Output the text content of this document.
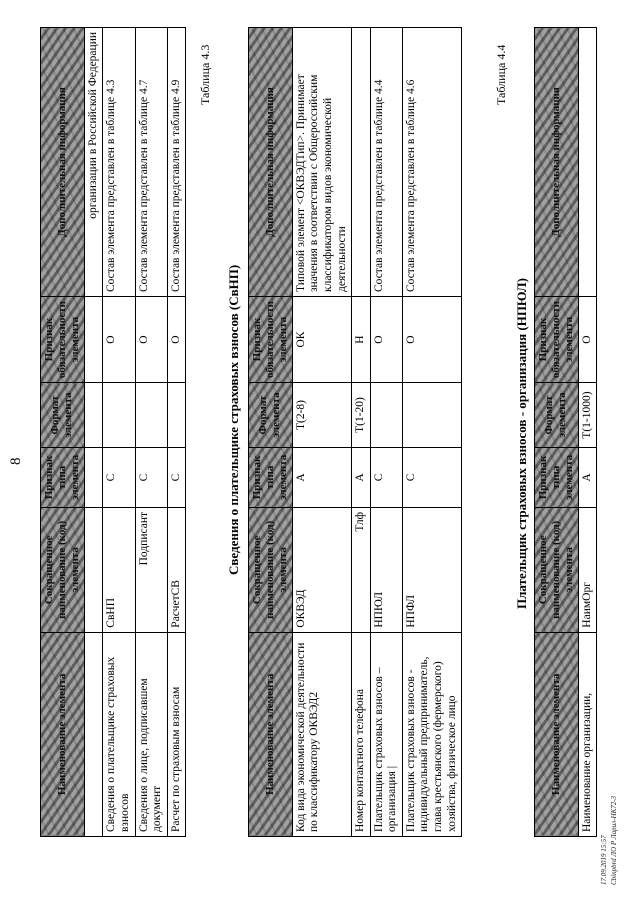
8
Наименование элемента	Сокращенное наименование (код) элемента	Признак типа элемента	Формат элемента	Признак обязательности элемента	Дополнительная информация
					организации в Российской Федерации
Сведения о плательщике страховых взносов	СвНП	С		О	Состав элемента представлен в таблице 4.3
Сведения о лице, подписавшем документ	Подписант	С		О	Состав элемента представлен в таблице 4.7
Расчет по страховым взносам	РасчетСВ	С		О	Состав элемента представлен в таблице 4.9
Таблица 4.3
Сведения о плательщике страховых взносов (СвНП)
Наименование элемента	Сокращенное наименование (код) элемента	Признак типа элемента	Формат элемента	Признак обязательности элемента	Дополнительная информация
Код вида экономической деятельности по классификатору ОКВЭД2	ОКВЭД	А	T(2-8)	ОК	Типовой элемент <ОКВЭДТип>. Принимает значения в соответствии с Общероссийским классификатором видов экономической деятельности
Номер контактного телефона	Тлф	А	T(1-20)	Н	
Плательщик страховых взносов – организация |	НПЮЛ	С		О	Состав элемента представлен в таблице 4.4
Плательщик страховых взносов - индивидуальный предприниматель, глава крестьянского (фермерского) хозяйства, физическое лицо	НПФЛ	С		О	Состав элемента представлен в таблице 4.6
Таблица 4.4
Плательщик страховых взносов - организация (НПЮЛ)
Наименование элемента	Сокращенное наименование (код) элемента	Признак типа элемента	Формат элемента	Признак обязательности элемента	Дополнительная информация
Наименование организации,	НаимОрг	А	T(1-1000)	О	
17.09.2019 15:57 Сbinpbrd ЛО Р Ларил-НК72-3
